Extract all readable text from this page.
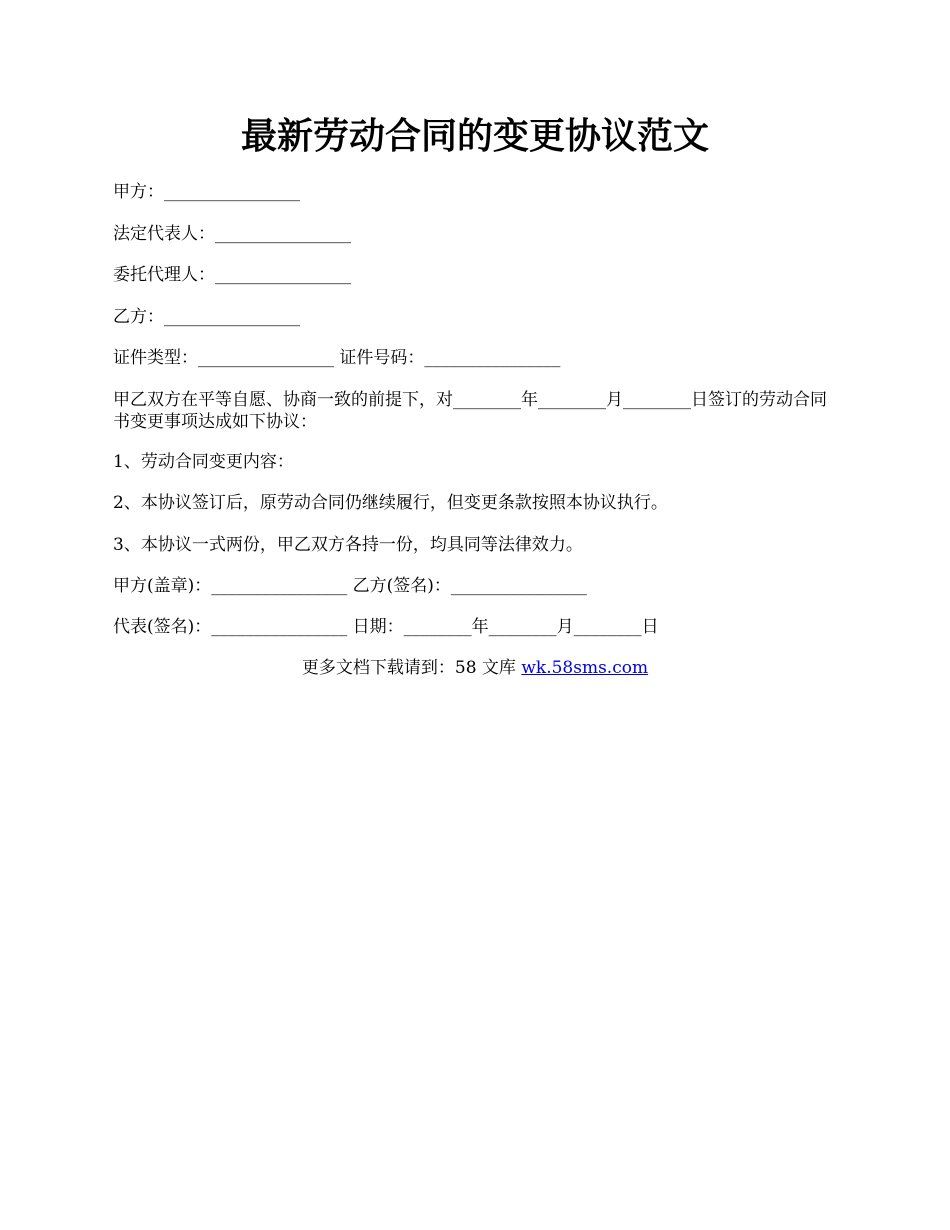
最新劳动合同的变更协议范文

甲方：________________

法定代表人：________________

委托代理人：________________

乙方：________________

证件类型：________________ 证件号码：________________

甲乙双方在平等自愿、协商一致的前提下，对________年________月________日签订的劳动合同书变更事项达成如下协议：

1、劳动合同变更内容：

2、本协议签订后，原劳动合同仍继续履行，但变更条款按照本协议执行。

3、本协议一式两份，甲乙双方各持一份，均具同等法律效力。

甲方(盖章)：________________ 乙方(签名)：________________

代表(签名)：________________ 日期：________年________月________日

更多文档下载请到：58 文库 wk.58sms.com
